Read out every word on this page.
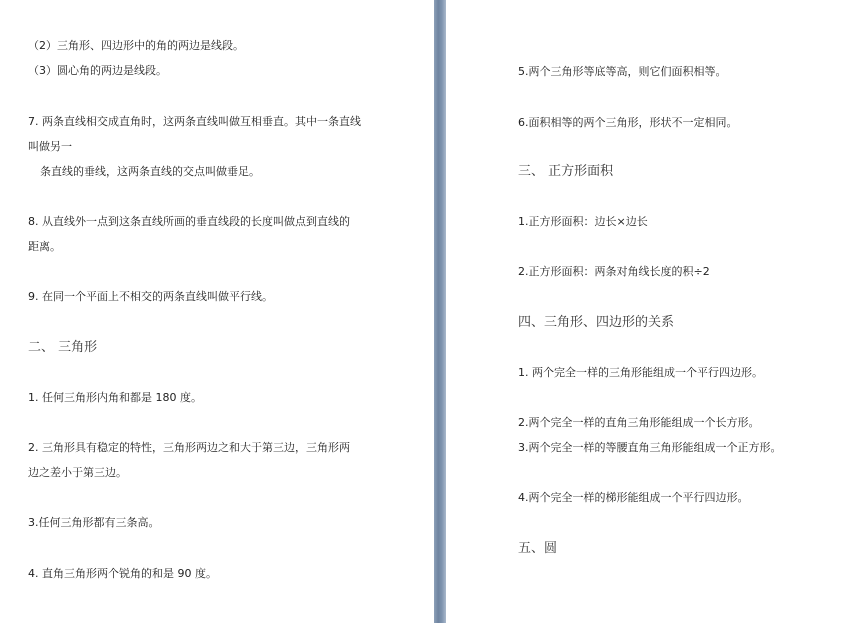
（2）三角形、四边形中的角的两边是线段。
（3）圆心角的两边是线段。
7. 两条直线相交成直角时，这两条直线叫做互相垂直。其中一条直线
叫做另一
条直线的垂线，这两条直线的交点叫做垂足。
8. 从直线外一点到这条直线所画的垂直线段的长度叫做点到直线的
距离。
9. 在同一个平面上不相交的两条直线叫做平行线。
二、 三角形
1. 任何三角形内角和都是 180 度。
2. 三角形具有稳定的特性，三角形两边之和大于第三边，三角形两
边之差小于第三边。
3.任何三角形都有三条高。
4. 直角三角形两个锐角的和是 90 度。
5.两个三角形等底等高，则它们面积相等。
6.面积相等的两个三角形，形状不一定相同。
三、 正方形面积
1.正方形面积：边长×边长
2.正方形面积：两条对角线长度的积÷2
四、三角形、四边形的关系
1. 两个完全一样的三角形能组成一个平行四边形。
2.两个完全一样的直角三角形能组成一个长方形。
3.两个完全一样的等腰直角三角形能组成一个正方形。
4.两个完全一样的梯形能组成一个平行四边形。
五、圆
